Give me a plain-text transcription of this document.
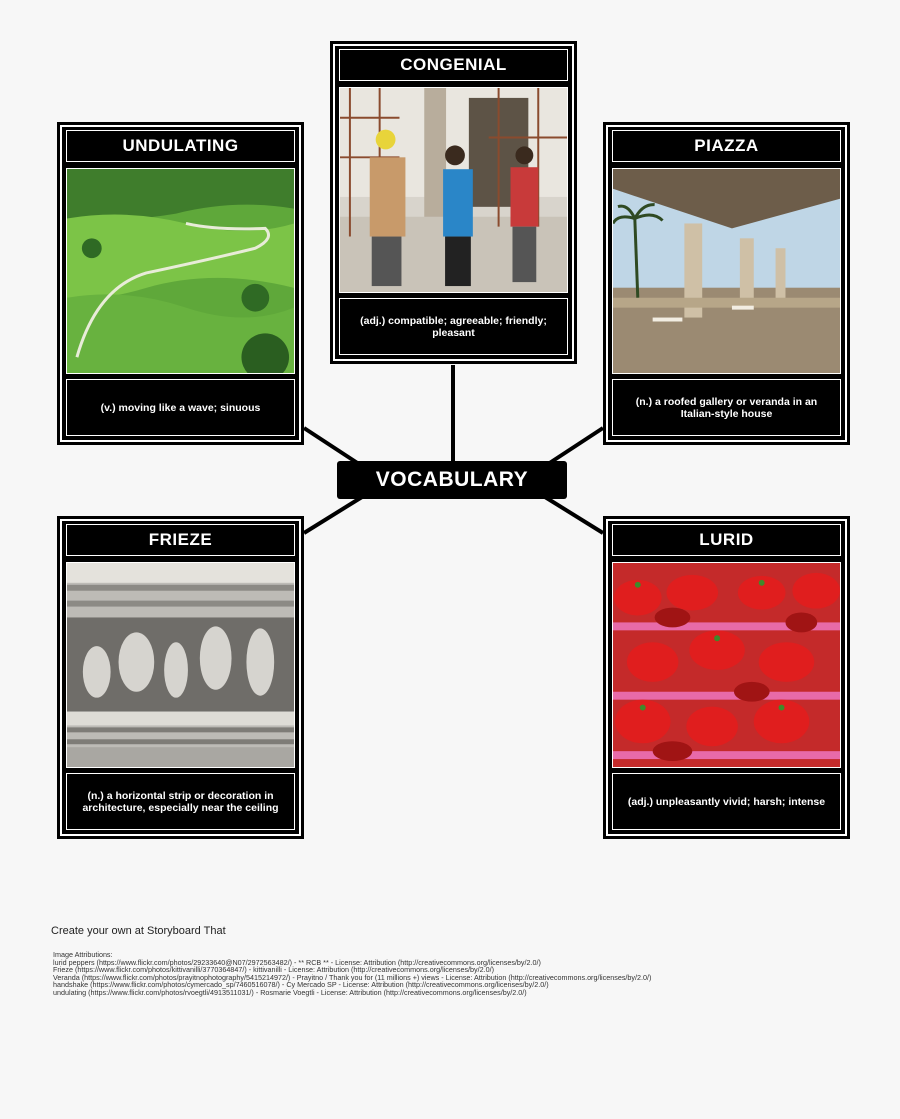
CONGENIAL
(adj.) compatible; agreeable; friendly; pleasant
UNDULATING
(v.) moving like a wave; sinuous
PIAZZA
(n.) a roofed gallery or veranda in an Italian-style house
VOCABULARY
FRIEZE
(n.) a horizontal strip or decoration in architecture, especially near the ceiling
LURID
(adj.) unpleasantly vivid; harsh; intense
Create your own at Storyboard That
Image Attributions:
lurid peppers (https://www.flickr.com/photos/29233640@N07/2972563482/) - ** RCB ** - License: Attribution (http://creativecommons.org/licenses/by/2.0/)
Frieze (https://www.flickr.com/photos/kittivanilli/3770364847/) - kittivanilli - License: Attribution (http://creativecommons.org/licenses/by/2.0/)
Veranda (https://www.flickr.com/photos/prayitnophotography/5415214972/) - Prayitno / Thank you for (11 millions +) views - License: Attribution (http://creativecommons.org/licenses/by/2.0/)
handshake (https://www.flickr.com/photos/cymercado_sp/7460516078/) - Cy Mercado SP - License: Attribution (http://creativecommons.org/licenses/by/2.0/)
undulating (https://www.flickr.com/photos/rvoegtli/4913511031/) - Rosmarie Voegtli - License: Attribution (http://creativecommons.org/licenses/by/2.0/)
